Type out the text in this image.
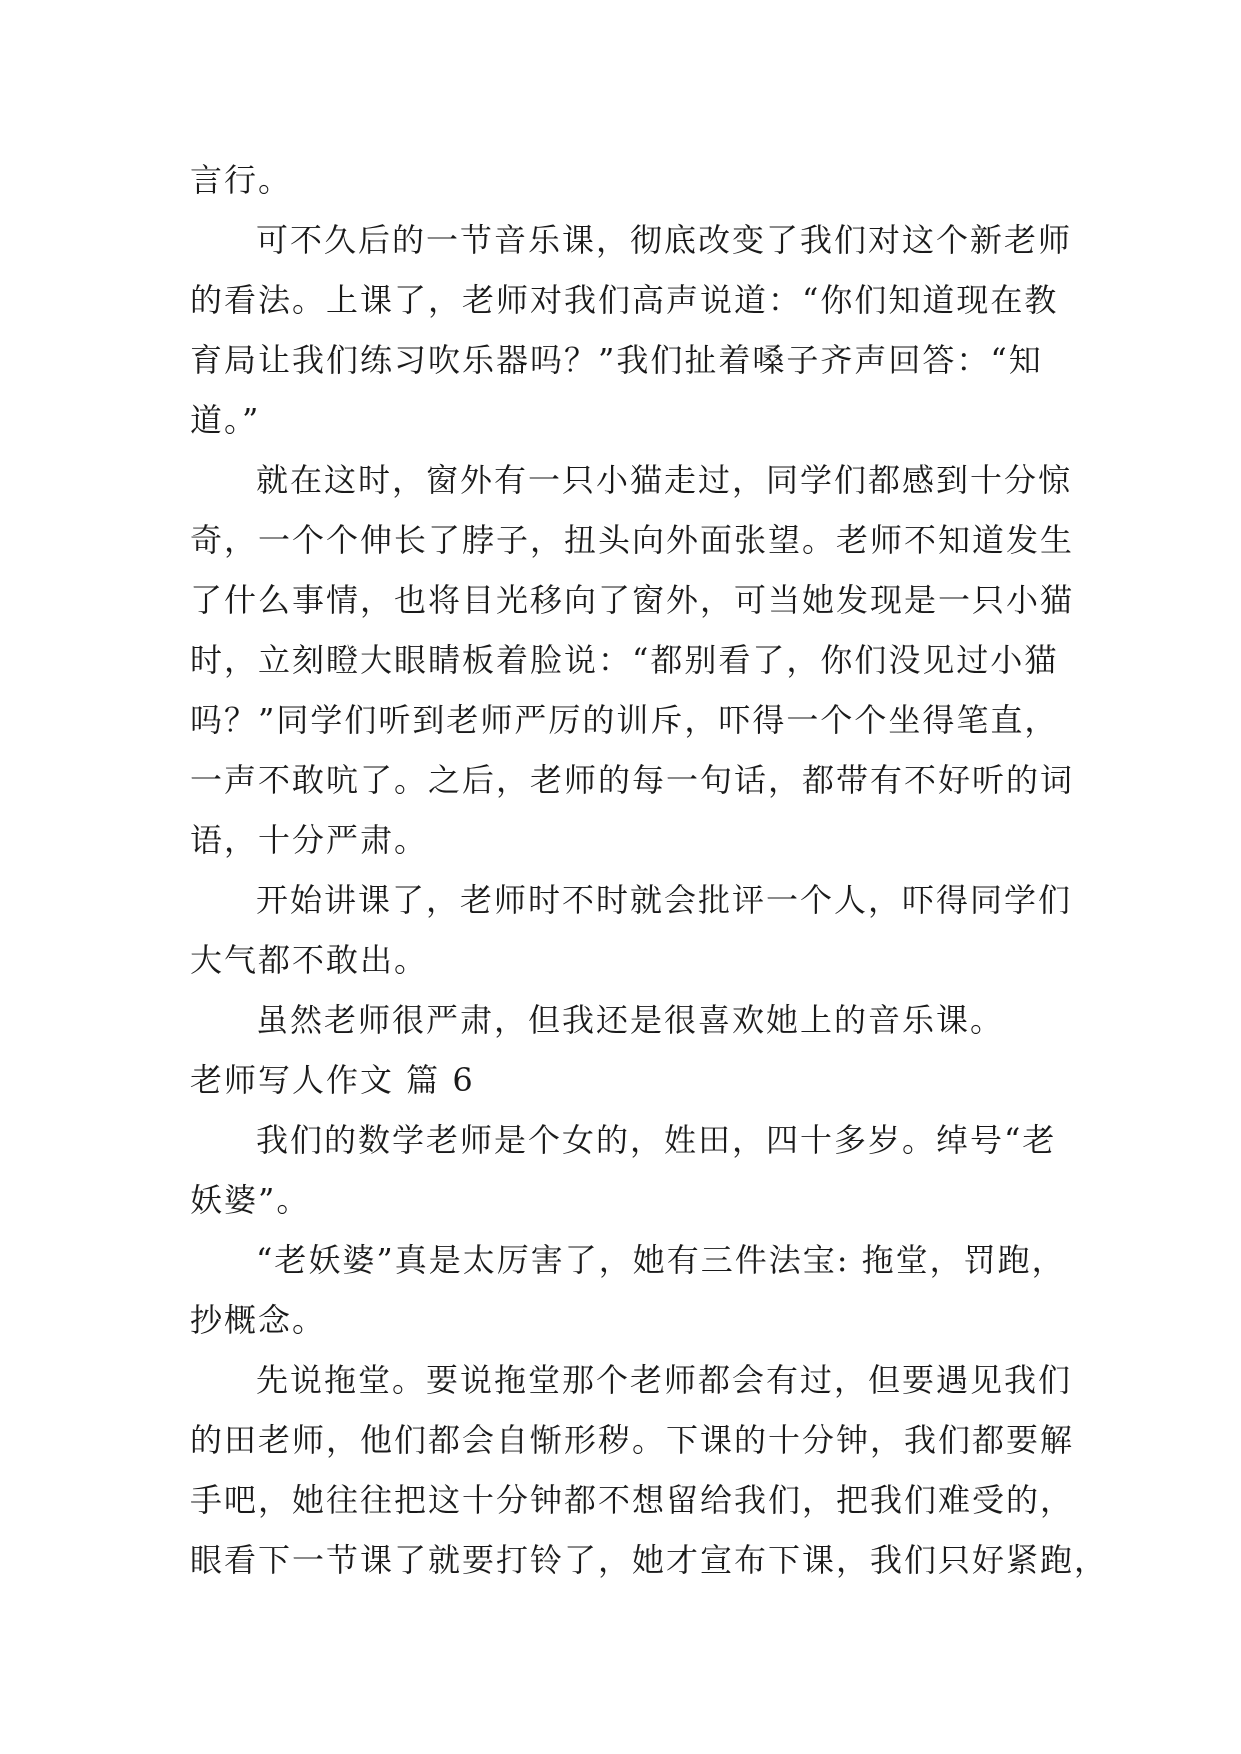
言行。
可不久后的一节音乐课，彻底改变了我们对这个新老师
的看法。上课了，老师对我们高声说道：“你们知道现在教
育局让我们练习吹乐器吗？”我们扯着嗓子齐声回答：“知
道。”
就在这时，窗外有一只小猫走过，同学们都感到十分惊
奇，一个个伸长了脖子，扭头向外面张望。老师不知道发生
了什么事情，也将目光移向了窗外，可当她发现是一只小猫
时，立刻瞪大眼睛板着脸说：“都别看了，你们没见过小猫
吗？”同学们听到老师严厉的训斥，吓得一个个坐得笔直，
一声不敢吭了。之后，老师的每一句话，都带有不好听的词
语，十分严肃。
开始讲课了，老师时不时就会批评一个人，吓得同学们
大气都不敢出。
虽然老师很严肃，但我还是很喜欢她上的音乐课。
老师写人作文 篇 6
我们的数学老师是个女的，姓田，四十多岁。绰号“老
妖婆”。
“老妖婆”真是太厉害了，她有三件法宝: 拖堂，罚跑，
抄概念。
先说拖堂。要说拖堂那个老师都会有过，但要遇见我们
的田老师，他们都会自惭形秽。下课的十分钟，我们都要解
手吧，她往往把这十分钟都不想留给我们，把我们难受的，
眼看下一节课了就要打铃了，她才宣布下课，我们只好紧跑，
